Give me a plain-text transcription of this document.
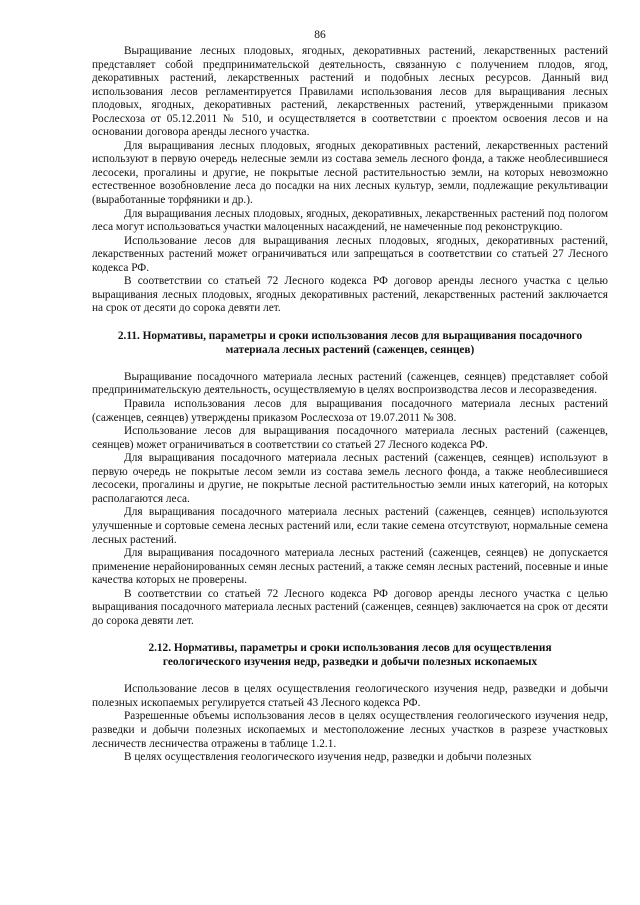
86

Выращивание лесных плодовых, ягодных, декоративных растений, лекарственных растений представляет собой предпринимательской деятельность, связанную с получением плодов, ягод, декоративных растений, лекарственных растений и подобных лесных ресурсов. Данный вид использования лесов регламентируется Правилами использования лесов для выращивания лесных плодовых, ягодных, декоративных растений, лекарственных растений, утвержденными приказом Рослесхоза от 05.12.2011 № 510, и осуществляется в соответствии с проектом освоения лесов и на основании договора аренды лесного участка.

Для выращивания лесных плодовых, ягодных декоративных растений, лекарственных растений используют в первую очередь нелесные земли из состава земель лесного фонда, а также необлесившиеся лесосеки, прогалины и другие, не покрытые лесной растительностью земли, на которых невозможно естественное возобновление леса до посадки на них лесных культур, земли, подлежащие рекультивации (выработанные торфяники и др.).

Для выращивания лесных плодовых, ягодных, декоративных, лекарственных растений под пологом леса могут использоваться участки малоценных насаждений, не намеченные под реконструкцию.

Использование лесов для выращивания лесных плодовых, ягодных, декоративных растений, лекарственных растений может ограничиваться или запрещаться в соответствии со статьей 27 Лесного кодекса РФ.

В соответствии со статьей 72 Лесного кодекса РФ договор аренды лесного участка с целью выращивания лесных плодовых, ягодных декоративных растений, лекарственных растений заключается на срок от десяти до сорока девяти лет.

2.11. Нормативы, параметры и сроки использования лесов для выращивания посадочного материала лесных растений (саженцев, сеянцев)

Выращивание посадочного материала лесных растений (саженцев, сеянцев) представляет собой предпринимательскую деятельность, осуществляемую в целях воспроизводства лесов и лесоразведения.

Правила использования лесов для выращивания посадочного материала лесных растений (саженцев, сеянцев) утверждены приказом Рослесхоза от 19.07.2011 № 308.

Использование лесов для выращивания посадочного материала лесных растений (саженцев, сеянцев) может ограничиваться в соответствии со статьей 27 Лесного кодекса РФ.

Для выращивания посадочного материала лесных растений (саженцев, сеянцев) используют в первую очередь не покрытые лесом земли из состава земель лесного фонда, а также необлесившиеся лесосеки, прогалины и другие, не покрытые лесной растительностью земли иных категорий, на которых располагаются леса.

Для выращивания посадочного материала лесных растений (саженцев, сеянцев) используются улучшенные и сортовые семена лесных растений или, если такие семена отсутствуют, нормальные семена лесных растений.

Для выращивания посадочного материала лесных растений (саженцев, сеянцев) не допускается применение нерайонированных семян лесных растений, а также семян лесных растений, посевные и иные качества которых не проверены.

В соответствии со статьей 72 Лесного кодекса РФ договор аренды лесного участка с целью выращивания посадочного материала лесных растений (саженцев, сеянцев) заключается на срок от десяти до сорока девяти лет.

2.12. Нормативы, параметры и сроки использования лесов для осуществления геологического изучения недр, разведки и добычи полезных ископаемых

Использование лесов в целях осуществления геологического изучения недр, разведки и добычи полезных ископаемых регулируется статьей 43 Лесного кодекса РФ.

Разрешенные объемы использования лесов в целях осуществления геологического изучения недр, разведки и добычи полезных ископаемых и местоположение лесных участков в разрезе участковых лесничеств лесничества отражены в таблице 1.2.1.

В целях осуществления геологического изучения недр, разведки и добычи полезных
